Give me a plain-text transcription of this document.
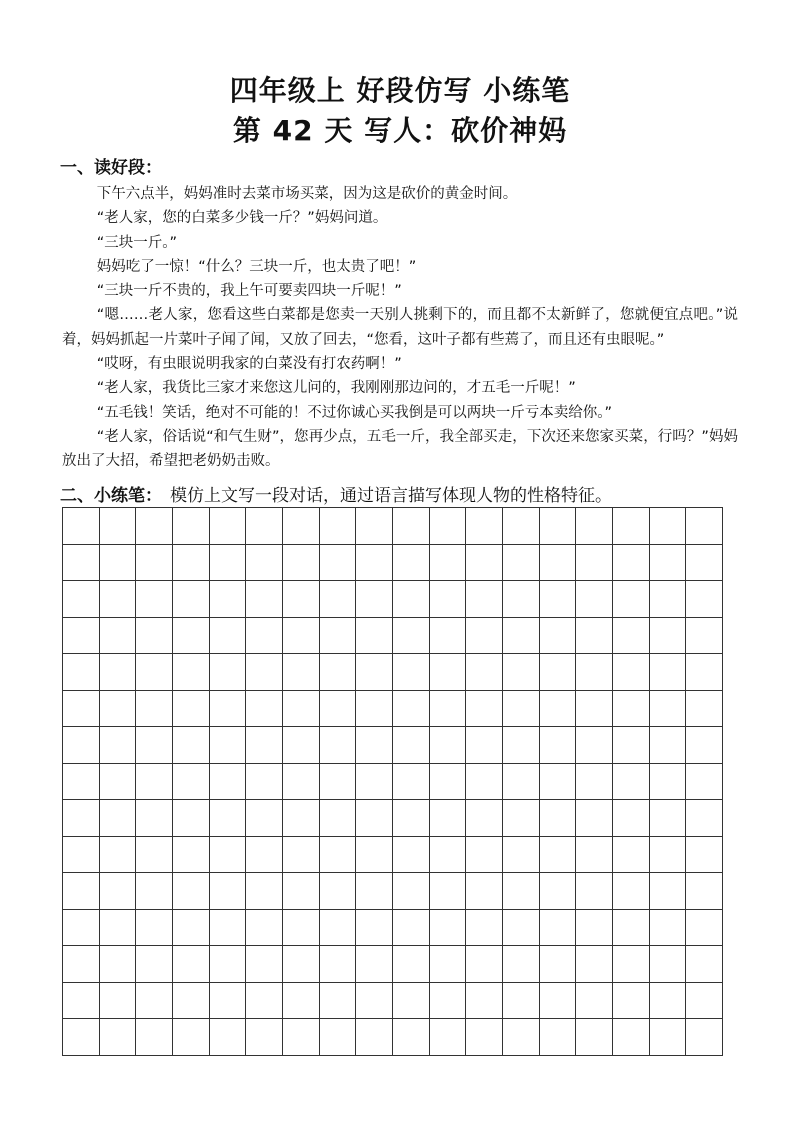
四年级上 好段仿写 小练笔
第 42 天 写人：砍价神妈
一、读好段：

下午六点半，妈妈准时去菜市场买菜，因为这是砍价的黄金时间。

“老人家，您的白菜多少钱一斤？”妈妈问道。

“三块一斤。”

妈妈吃了一惊！“什么？三块一斤，也太贵了吧！”

“三块一斤不贵的，我上午可要卖四块一斤呢！”

“嗯……老人家，您看这些白菜都是您卖一天别人挑剩下的，而且都不太新鲜了，您就便宜点吧。”说着，妈妈抓起一片菜叶子闻了闻，又放了回去，“您看，这叶子都有些蔫了，而且还有虫眼呢。”

“哎呀，有虫眼说明我家的白菜没有打农药啊！”

“老人家，我货比三家才来您这儿问的，我刚刚那边问的，才五毛一斤呢！”

“五毛钱！笑话，绝对不可能的！不过你诚心买我倒是可以两块一斤亏本卖给你。”

“老人家，俗话说“和气生财”，您再少点，五毛一斤，我全部买走，下次还来您家买菜，行吗？”妈妈放出了大招，希望把老奶奶击败。

二、小练笔： 模仿上文写一段对话，通过语言描写体现人物的性格特征。
